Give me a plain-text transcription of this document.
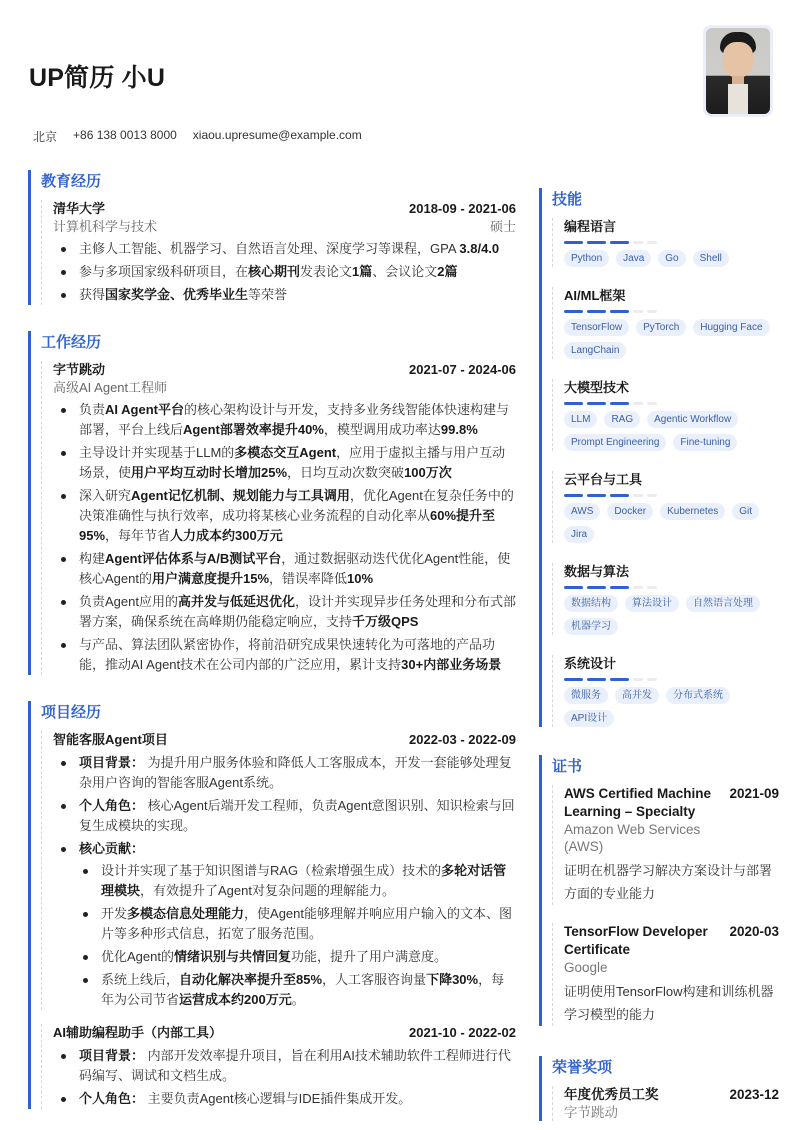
UP简历 小U
北京 +86 138 0013 8000 xiaou.upresume@example.com
教育经历
清华大学	2018-09 - 2021-06
计算机科学与技术	硕士
主修人工智能、机器学习、自然语言处理、深度学习等课程，GPA 3.8/4.0
参与多项国家级科研项目，在核心期刊发表论文1篇、会议论文2篇
获得国家奖学金、优秀毕业生等荣誉
工作经历
字节跳动	2021-07 - 2024-06
高级AI Agent工程师
负责AI Agent平台的核心架构设计与开发，支持多业务线智能体快速构建与部署，平台上线后Agent部署效率提升40%，模型调用成功率达99.8%
主导设计并实现基于LLM的多模态交互Agent，应用于虚拟主播与用户互动场景，使用户平均互动时长增加25%，日均互动次数突破100万次
深入研究Agent记忆机制、规划能力与工具调用，优化Agent在复杂任务中的决策准确性与执行效率，成功将某核心业务流程的自动化率从60%提升至95%，每年节省人力成本约300万元
构建Agent评估体系与A/B测试平台，通过数据驱动迭代优化Agent性能，使核心Agent的用户满意度提升15%，错误率降低10%
负责Agent应用的高并发与低延迟优化，设计并实现异步任务处理和分布式部署方案，确保系统在高峰期仍能稳定响应，支持千万级QPS
与产品、算法团队紧密协作，将前沿研究成果快速转化为可落地的产品功能，推动AI Agent技术在公司内部的广泛应用，累计支持30+内部业务场景
项目经历
智能客服Agent项目	2022-03 - 2022-09
项目背景： 为提升用户服务体验和降低人工客服成本，开发一套能够处理复杂用户咨询的智能客服Agent系统。
个人角色： 核心Agent后端开发工程师，负责Agent意图识别、知识检索与回复生成模块的实现。
核心贡献：
设计并实现了基于知识图谱与RAG（检索增强生成）技术的多轮对话管理模块，有效提升了Agent对复杂问题的理解能力。
开发多模态信息处理能力，使Agent能够理解并响应用户输入的文本、图片等多种形式信息，拓宽了服务范围。
优化Agent的情绪识别与共情回复功能，提升了用户满意度。
系统上线后，自动化解决率提升至85%，人工客服咨询量下降30%，每年为公司节省运营成本约200万元。
AI辅助编程助手（内部工具）	2021-10 - 2022-02
项目背景： 内部开发效率提升项目，旨在利用AI技术辅助软件工程师进行代码编写、调试和文档生成。
个人角色： 主要负责Agent核心逻辑与IDE插件集成开发。
技能
编程语言
Python	Java	Go	Shell
AI/ML框架
TensorFlow	PyTorch	Hugging Face
LangChain
大模型技术
LLM	RAG	Agentic Workflow
Prompt Engineering	Fine-tuning
云平台与工具
AWS	Docker	Kubernetes	Git
Jira
数据与算法
数据结构	算法设计	自然语言处理
机器学习
系统设计
微服务	高并发	分布式系统
API设计
证书
AWS Certified Machine Learning – Specialty
2021-09
Amazon Web Services (AWS)
证明在机器学习解决方案设计与部署方面的专业能力
TensorFlow Developer Certificate
2020-03
Google
证明使用TensorFlow构建和训练机器学习模型的能力
荣誉奖项
年度优秀员工奖	2023-12
字节跳动
